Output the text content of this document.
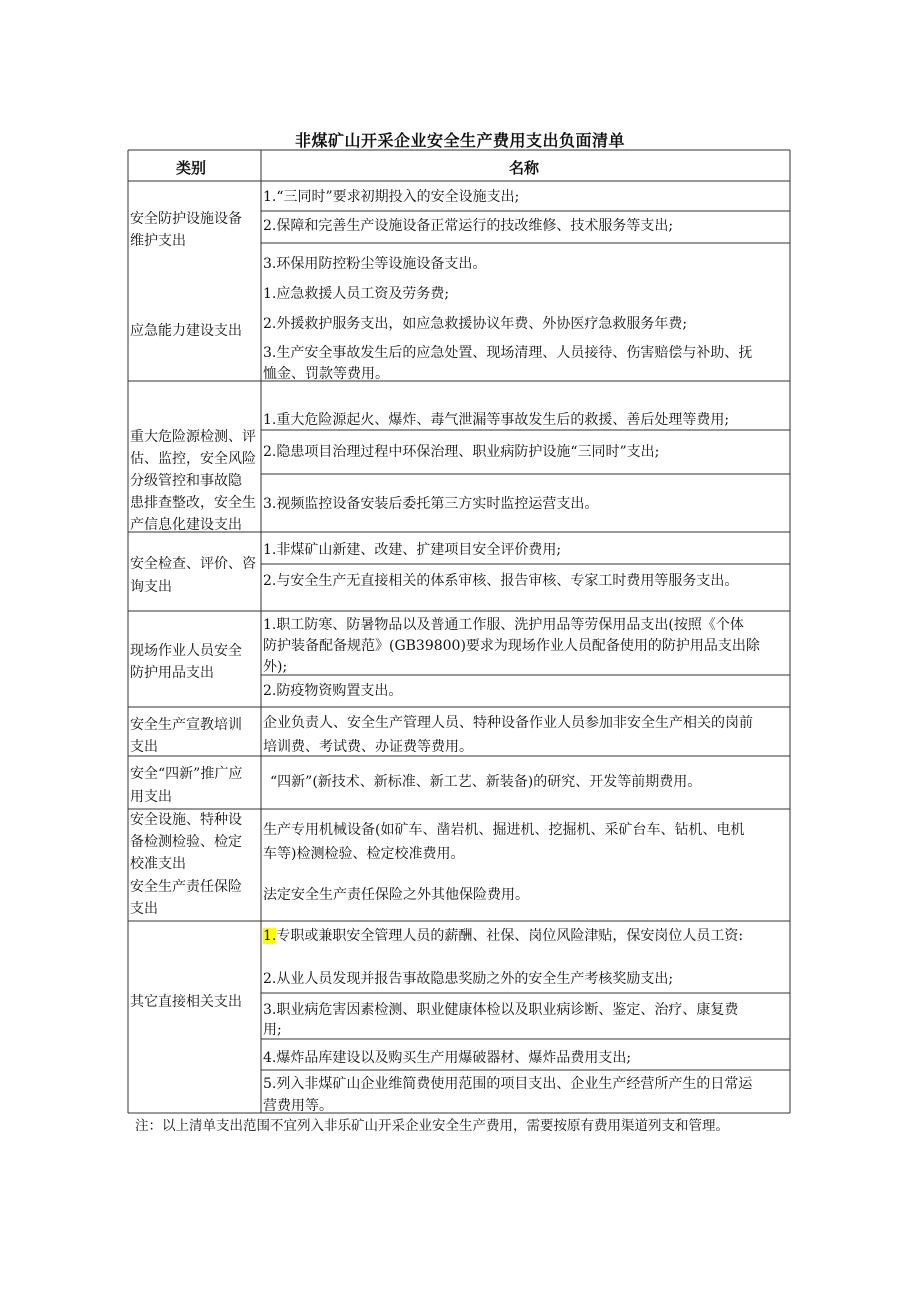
非煤矿山开采企业安全生产费用支出负面清单
类别	名称
安全防护设施设备
维护支出
1.“三同时”要求初期投入的安全设施支出;
2.保障和完善生产设施设备正常运行的技改维修、技术服务等支出;
3.环保用防控粉尘等设施设备支出。
应急能力建设支出
1.应急救援人员工资及劳务费;
2.外援救护服务支出，如应急救援协议年费、外协医疗急救服务年费;
3.生产安全事故发生后的应急处置、现场清理、人员接待、伤害赔偿与补助、抚
恤金、罚款等费用。
重大危险源检测、评
估、监控，安全风险
分级管控和事故隐
患排查整改，安全生
产信息化建设支出
1.重大危险源起火、爆炸、毒气泄漏等事故发生后的救援、善后处理等费用;
2.隐患项目治理过程中环保治理、职业病防护设施“三同时”支出;
3.视频监控设备安装后委托第三方实时监控运营支出。
安全检查、评价、咨
询支出
1.非煤矿山新建、改建、扩建项目安全评价费用;
2.与安全生产无直接相关的体系审核、报告审核、专家工时费用等服务支出。
现场作业人员安全
防护用品支出
1.职工防寒、防暑物品以及普通工作服、洗护用品等劳保用品支出(按照《个体
防护装备配备规范》(GB39800)要求为现场作业人员配备使用的防护用品支出除
外);
2.防疫物资购置支出。
安全生产宣教培训
支出
企业负责人、安全生产管理人员、特种设备作业人员参加非安全生产相关的岗前
培训费、考试费、办证费等费用。
安全“四新”推广应
用支出
“四新”(新技术、新标准、新工艺、新装备)的研究、开发等前期费用。
安全设施、特种设
备检测检验、检定
校准支出
生产专用机械设备(如矿车、凿岩机、掘进机、挖掘机、采矿台车、钻机、电机
车等)检测检验、检定校准费用。
安全生产责任保险
支出
法定安全生产责任保险之外其他保险费用。
其它直接相关支出
1.专职或兼职安全管理人员的薪酬、社保、岗位风险津贴，保安岗位人员工资:
2.从业人员发现并报告事故隐患奖励之外的安全生产考核奖励支出;
3.职业病危害因素检测、职业健康体检以及职业病诊断、鉴定、治疗、康复费
用;
4.爆炸品库建设以及购买生产用爆破器材、爆炸品费用支出;
5.列入非煤矿山企业维简费使用范围的项目支出、企业生产经营所产生的日常运
营费用等。
注：以上清单支出范围不宜列入非乐矿山开采企业安全生产费用，需要按原有费用渠道列支和管理。
